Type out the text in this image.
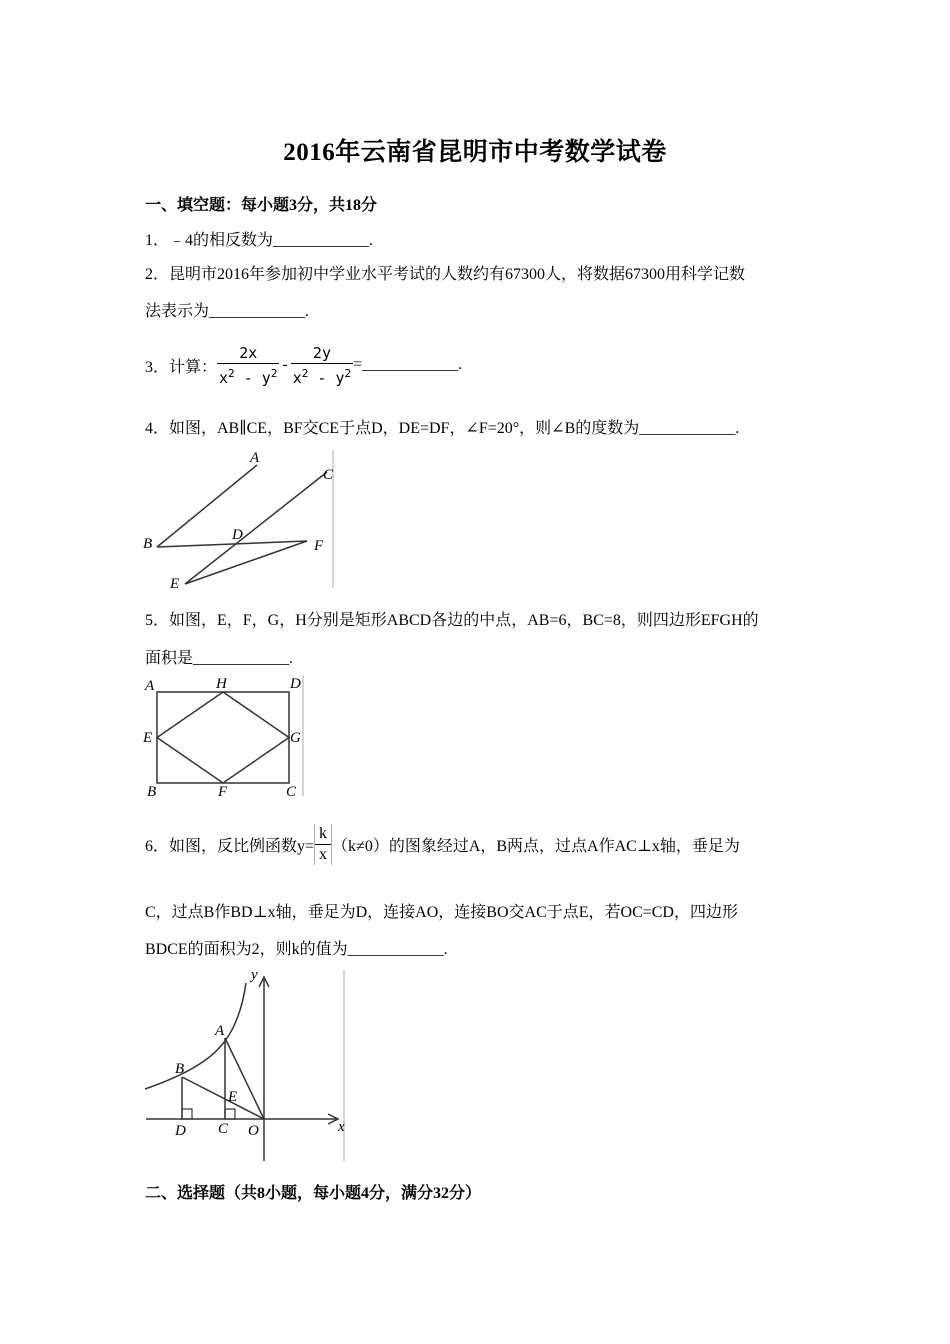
2016年云南省昆明市中考数学试卷
一、填空题：每小题3分，共18分
1．﹣4的相反数为____________.
2．昆明市2016年参加初中学业水平考试的人数约有67300人，将数据67300用科学记数
法表示为____________.
3．计算： $\frac{2x}{x^2 - y^2} - \frac{2y}{x^2 - y^2}$ =____________.
4．如图，AB∥CE，BF交CE于点D，DE=DF，∠F=20°，则∠B的度数为____________.
A
C
D
B	F
E
5．如图，E，F，G，H分别是矩形ABCD各边的中点，AB=6，BC=8，则四边形EFGH的
面积是____________.
A	H	D
E	G
B	F	C
6．如图，反比例函数$y= \frac{k}{x} (k\ne 0)$的图象经过A，B两点，过点A作AC⊥x轴，垂足为
C，过点B作BD⊥x轴，垂足为D，连接AO，连接BO交AC于点E，若OC=CD，四边形
BDCE的面积为2，则k的值为____________.
y
x
A
B
E
D C O
二、选择题（共8小题，每小题4分，满分32分）
